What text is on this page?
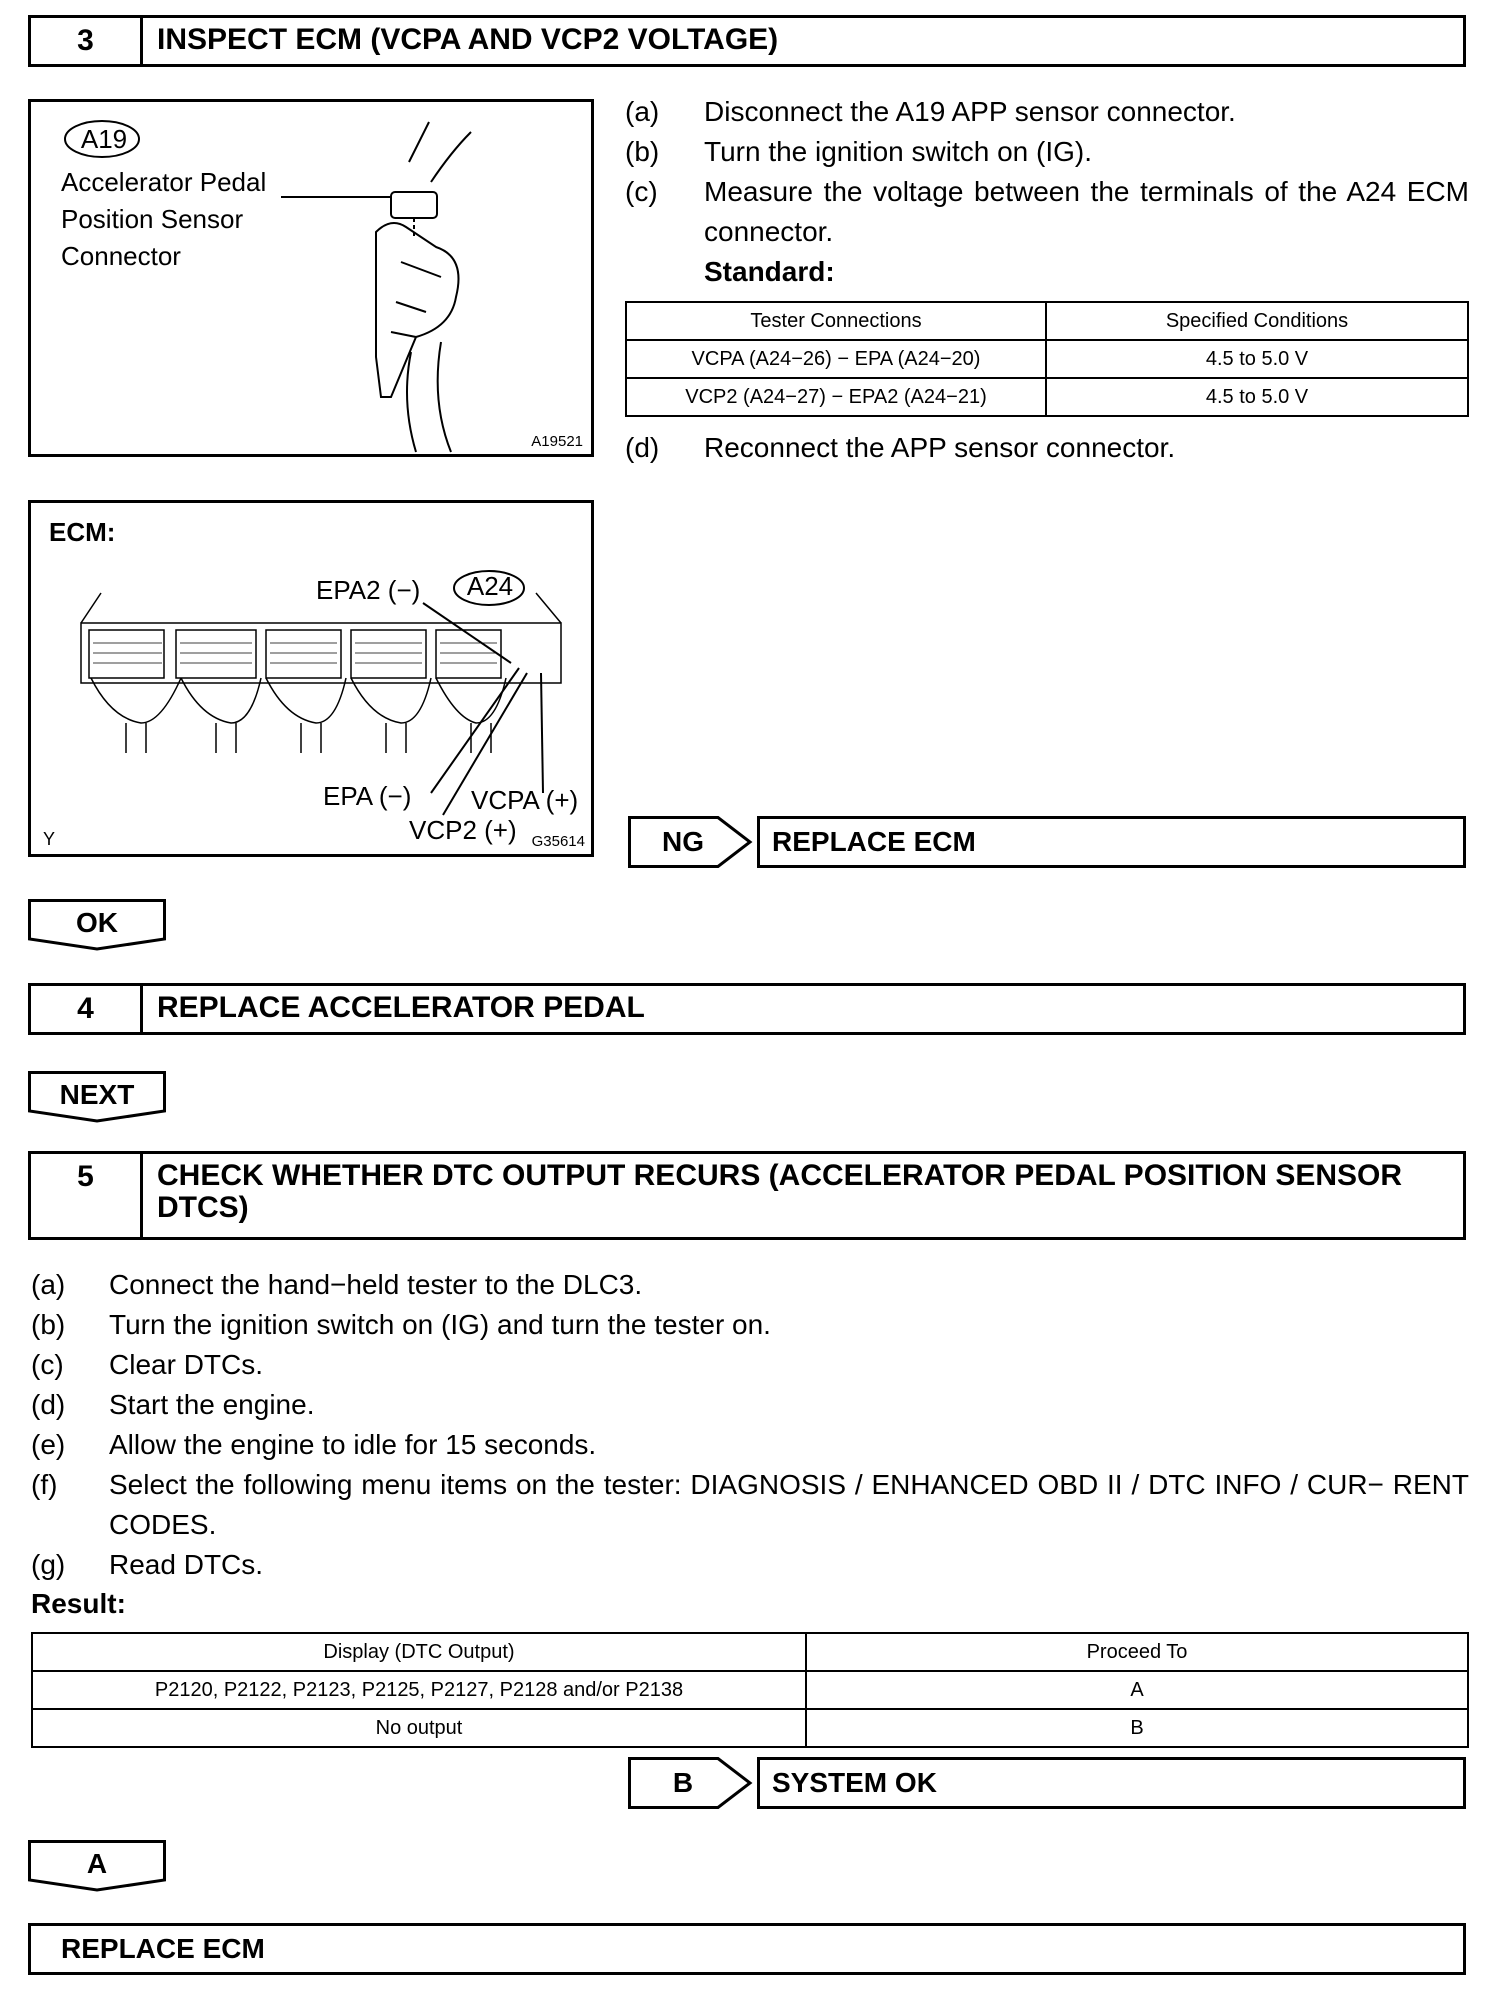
3	INSPECT ECM (VCPA AND VCP2 VOLTAGE)
A19
Accelerator Pedal
Position Sensor
Connector
A19521
ECM:
A24
EPA2 (−)
EPA (−) VCPA (+)
VCP2 (+)
Y	G35614
(a) Disconnect the A19 APP sensor connector.
(b) Turn the ignition switch on (IG).
(c) Measure the voltage between the terminals of the A24 ECM connector.
Standard:
Tester Connections	Specified Conditions
VCPA (A24−26) − EPA (A24−20)	4.5 to 5.0 V
VCP2 (A24−27) − EPA2 (A24−21)	4.5 to 5.0 V
(d) Reconnect the APP sensor connector.
NG	REPLACE ECM
OK
4	REPLACE ACCELERATOR PEDAL
NEXT
5	CHECK WHETHER DTC OUTPUT RECURS (ACCELERATOR PEDAL POSITION SENSOR DTCS)
(a) Connect the hand−held tester to the DLC3.
(b) Turn the ignition switch on (IG) and turn the tester on.
(c) Clear DTCs.
(d) Start the engine.
(e) Allow the engine to idle for 15 seconds.
(f) Select the following menu items on the tester: DIAGNOSIS / ENHANCED OBD II / DTC INFO / CUR− RENT CODES.
(g) Read DTCs.
Result:
Display (DTC Output)	Proceed To
P2120, P2122, P2123, P2125, P2127, P2128 and/or P2138	A
No output	B
B	SYSTEM OK
A
REPLACE ECM
